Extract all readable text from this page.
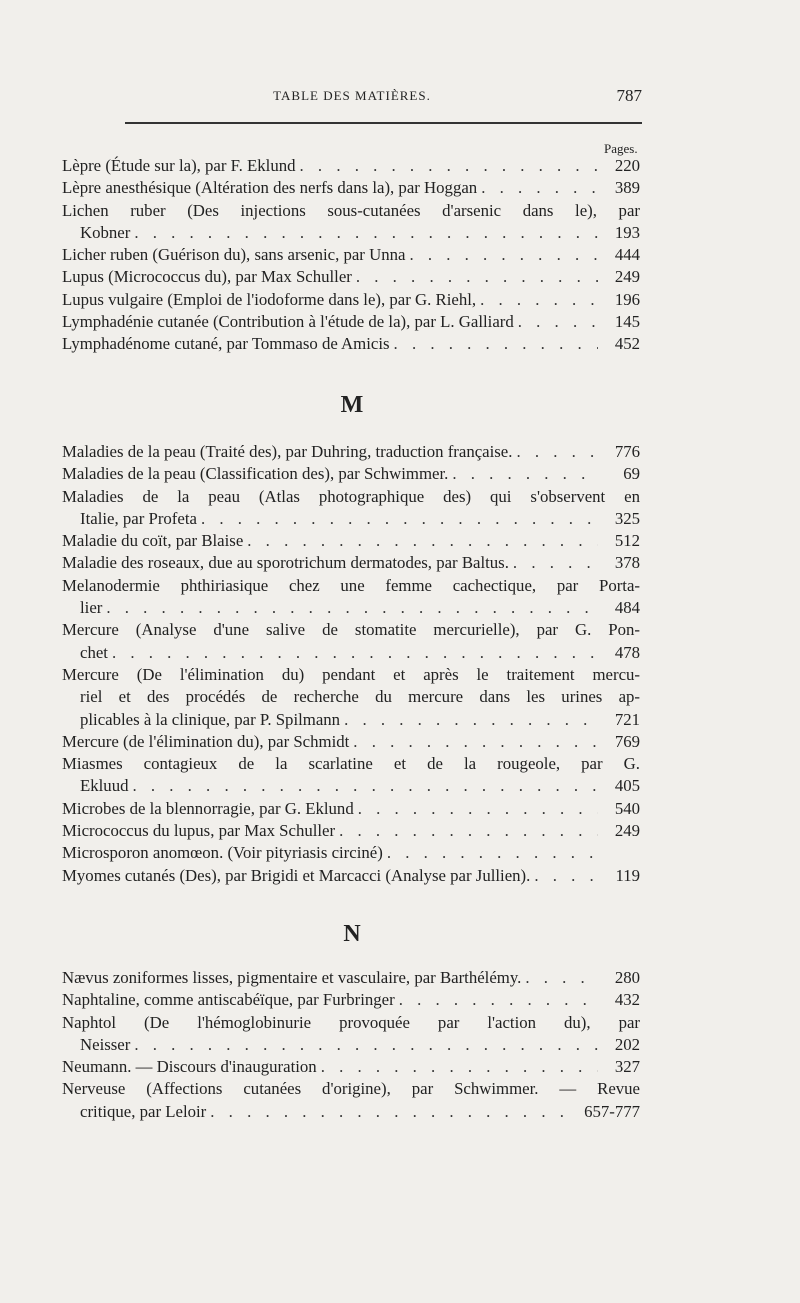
TABLE DES MATIÈRES.	787
Pages.
Lèpre (Étude sur la), par F. Eklund . . .	220
Lèpre anesthésique (Altération des nerfs dans la), par Hoggan . . .	389
Lichen ruber (Des injections sous-cutanées d'arsenic dans le), par
Kobner . . .	193
Licher ruben (Guérison du), sans arsenic, par Unna . . .	444
Lupus (Micrococcus du), par Max Schuller . . .	249
Lupus vulgaire (Emploi de l'iodoforme dans le), par G. Riehl, . . .	196
Lymphadénie cutanée (Contribution à l'étude de la), par L. Galliard . . .	145
Lymphadénome cutané, par Tommaso de Amicis . . .	452
M
Maladies de la peau (Traité des), par Duhring, traduction française. . . .	776
Maladies de la peau (Classification des), par Schwimmer. . . .	69
Maladies de la peau (Atlas photographique des) qui s'observent en
Italie, par Profeta . . .	325
Maladie du coït, par Blaise . . .	512
Maladie des roseaux, due au sporotrichum dermatodes, par Baltus. . . .	378
Melanodermie phthiriasique chez une femme cachectique, par Porta-
lier . . .	484
Mercure (Analyse d'une salive de stomatite mercurielle), par G. Pon-
chet . . .	478
Mercure (De l'élimination du) pendant et après le traitement mercu-
riel et des procédés de recherche du mercure dans les urines ap-
plicables à la clinique, par P. Spilmann . . .	721
Mercure (de l'élimination du), par Schmidt . . .	769
Miasmes contagieux de la scarlatine et de la rougeole, par G.
Ekluud . . .	405
Microbes de la blennorragie, par G. Eklund . . .	540
Micrococcus du lupus, par Max Schuller . . .	249
Microsporon anomœon. (Voir pityriasis circiné)
. . .
Myomes cutanés (Des), par Brigidi et Marcacci (Analyse par Jullien). . . .	119
N
Nævus zoniformes lisses, pigmentaire et vasculaire, par Barthélémy. . . .	280
Naphtaline, comme antiscabéïque, par Furbringer . . .	432
Naphtol (De l'hémoglobinurie provoquée par l'action du), par
Neisser . . .	202
Neumann. — Discours d'inauguration . . .	327
Nerveuse (Affections cutanées d'origine), par Schwimmer. — Revue
critique, par Leloir . . .	657-777
